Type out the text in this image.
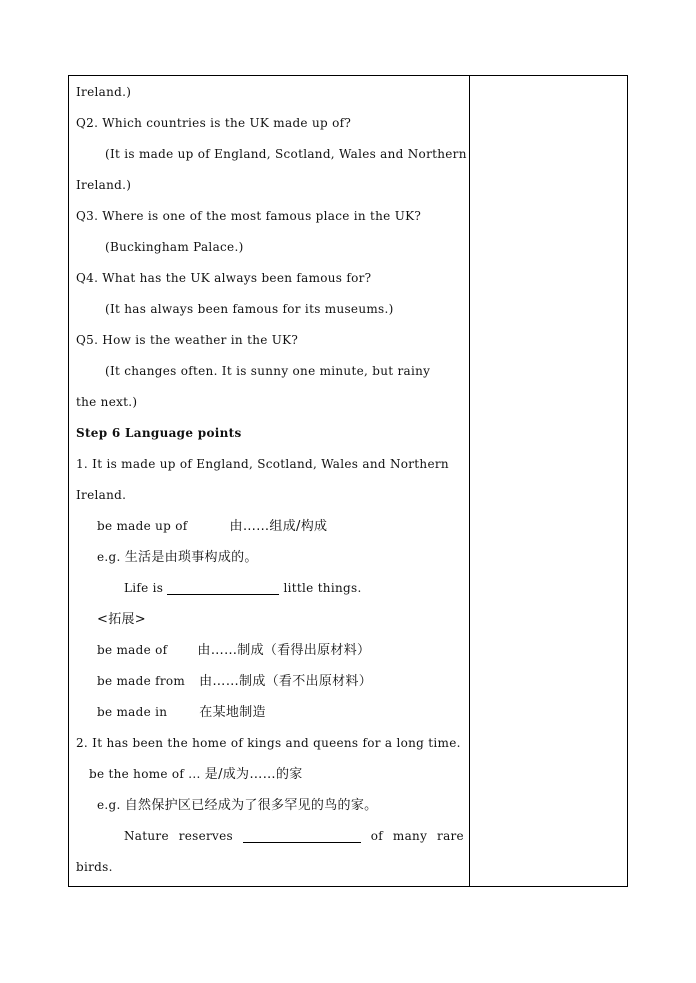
Ireland.)
Q2. Which countries is the UK made up of?
(It is made up of England, Scotland, Wales and Northern
Ireland.)
Q3. Where is one of the most famous place in the UK?
(Buckingham Palace.)
Q4. What has the UK always been famous for?
(It has always been famous for its museums.)
Q5. How is the weather in the UK?
(It changes often. It is sunny one minute, but rainy
the next.)
Step 6 Language points
1. It is made up of England, Scotland, Wales and Northern
Ireland.
be made up of	由……组成/构成
e.g. 生活是由琐事构成的。
Life is	little things.
<拓展>
be made of 由……制成（看得出原材料）
be made from 由……制成（看不出原材料）
be made in 在某地制造
2. It has been the home of kings and queens for a long time.
be the home of ... 是/成为……的家
e.g. 自然保护区已经成为了很多罕见的鸟的家。
Nature reserves	of many rare
birds.
